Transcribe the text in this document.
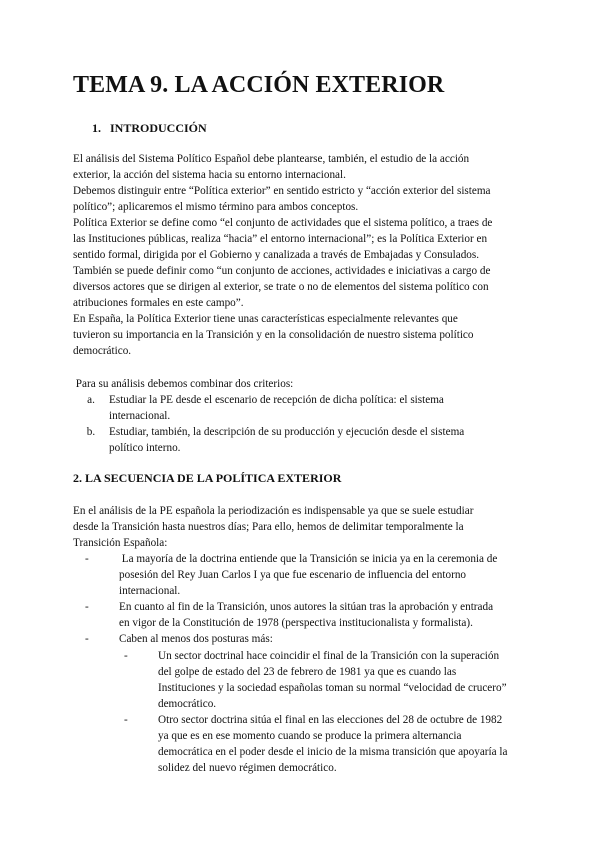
TEMA 9. LA ACCIÓN EXTERIOR
1. INTRODUCCIÓN
El análisis del Sistema Político Español debe plantearse, también, el estudio de la acción
exterior, la acción del sistema hacia su entorno internacional.
Debemos distinguir entre “Política exterior” en sentido estricto y “acción exterior del sistema
político”; aplicaremos el mismo término para ambos conceptos.
Política Exterior se define como “el conjunto de actividades que el sistema político, a traes de
las Instituciones públicas, realiza “hacia” el entorno internacional”; es la Política Exterior en
sentido formal, dirigida por el Gobierno y canalizada a través de Embajadas y Consulados.
También se puede definir como “un conjunto de acciones, actividades e iniciativas a cargo de
diversos actores que se dirigen al exterior, se trate o no de elementos del sistema político con
atribuciones formales en este campo”.
En España, la Política Exterior tiene unas características especialmente relevantes que
tuvieron su importancia en la Transición y en la consolidación de nuestro sistema político
democrático.
Para su análisis debemos combinar dos criterios:
a.	Estudiar la PE desde el escenario de recepción de dicha política: el sistema
internacional.
b.	Estudiar, también, la descripción de su producción y ejecución desde el sistema
político interno.
2. LA SECUENCIA DE LA POLÍTICA EXTERIOR
En el análisis de la PE española la periodización es indispensable ya que se suele estudiar
desde la Transición hasta nuestros días; Para ello, hemos de delimitar temporalmente la
Transición Española:
-	La mayoría de la doctrina entiende que la Transición se inicia ya en la ceremonia de
posesión del Rey Juan Carlos I ya que fue escenario de influencia del entorno
internacional.
-	En cuanto al fin de la Transición, unos autores la sitúan tras la aprobación y entrada
en vigor de la Constitución de 1978 (perspectiva institucionalista y formalista).
-	Caben al menos dos posturas más:
-	Un sector doctrinal hace coincidir el final de la Transición con la superación
del golpe de estado del 23 de febrero de 1981 ya que es cuando las
Instituciones y la sociedad españolas toman su normal “velocidad de crucero”
democrático.
-	Otro sector doctrina sitúa el final en las elecciones del 28 de octubre de 1982
ya que es en ese momento cuando se produce la primera alternancia
democrática en el poder desde el inicio de la misma transición que apoyaría la
solidez del nuevo régimen democrático.
